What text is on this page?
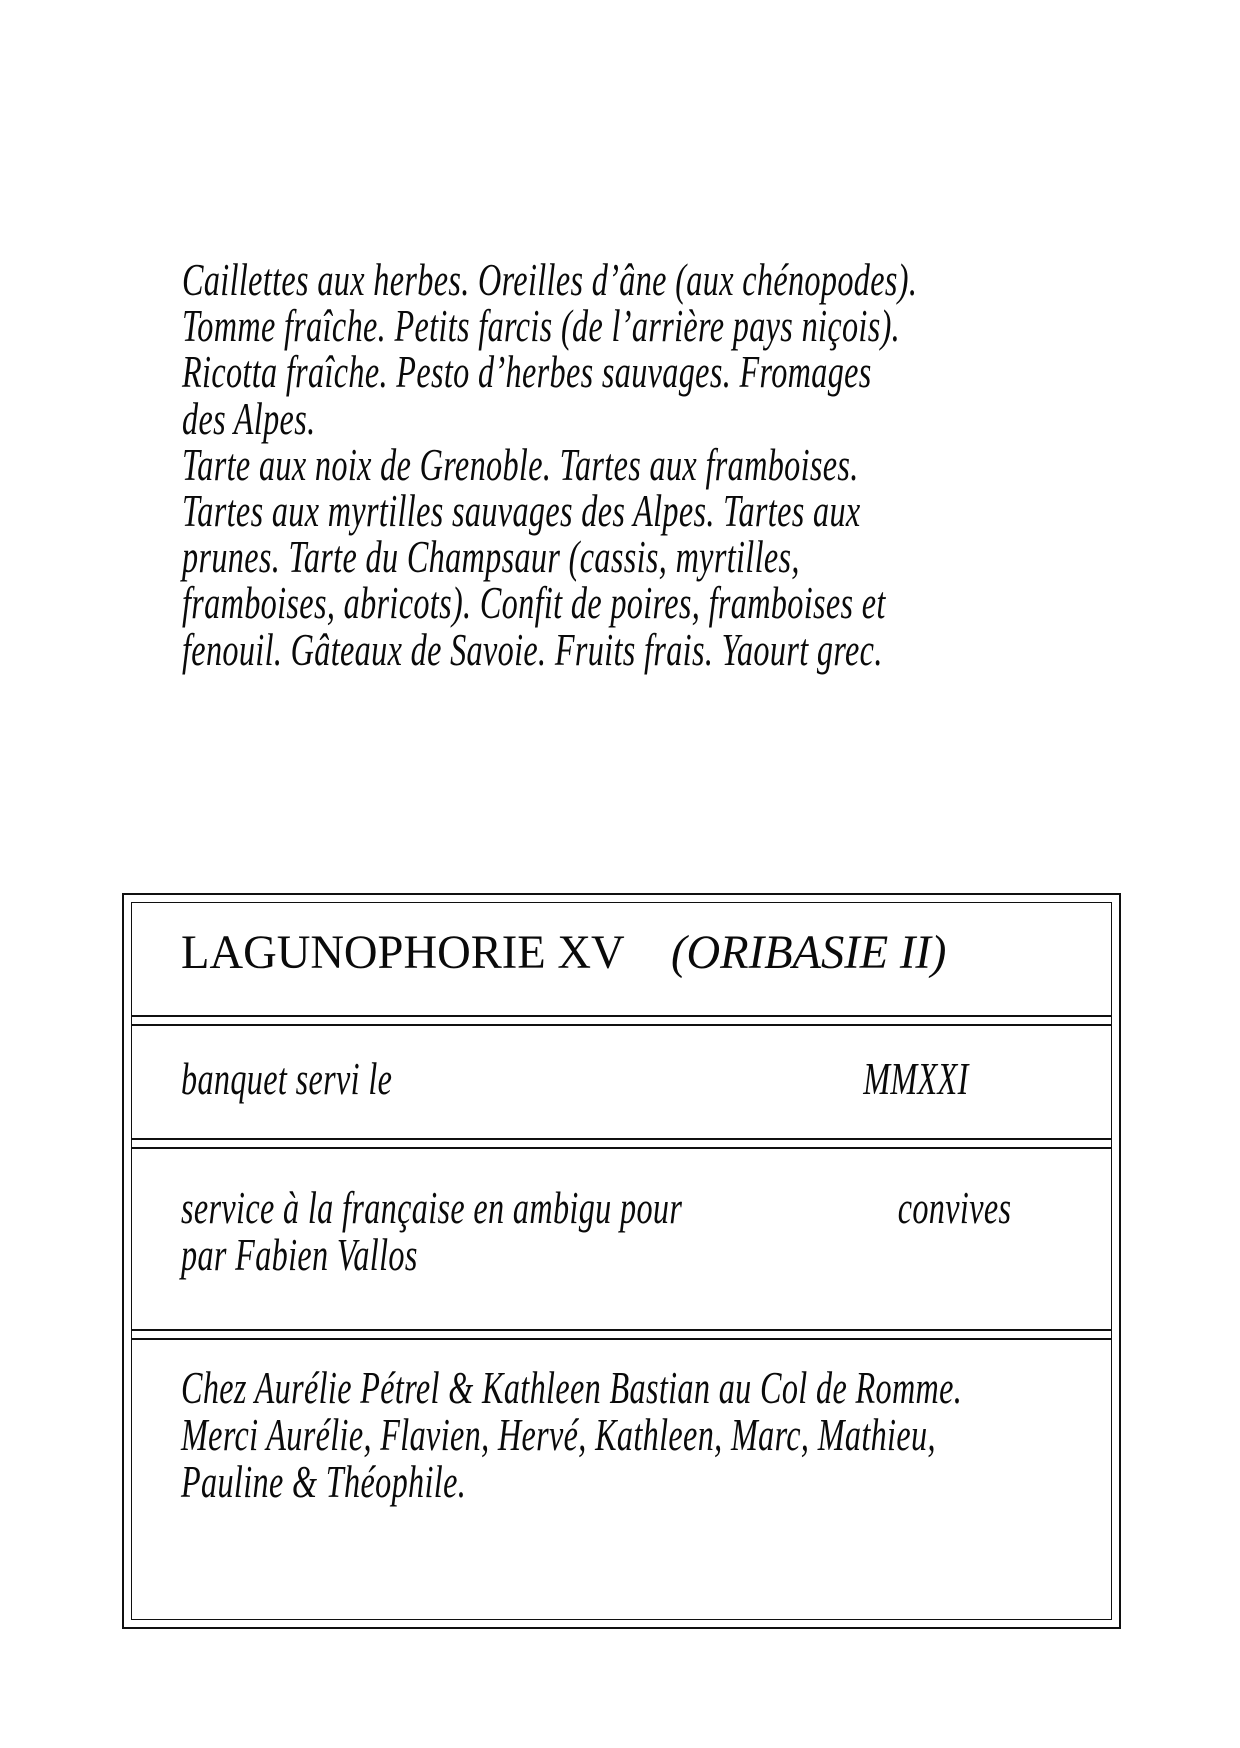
Caillettes aux herbes. Oreilles d’âne (aux chénopodes).
Tomme fraîche. Petits farcis (de l’arrière pays niçois).
Ricotta fraîche. Pesto d’herbes sauvages. Fromages
des Alpes.
Tarte aux noix de Grenoble. Tartes aux framboises.
Tartes aux myrtilles sauvages des Alpes. Tartes aux
prunes. Tarte du Champsaur (cassis, myrtilles,
framboises, abricots). Confit de poires, framboises et
fenouil. Gâteaux de Savoie. Fruits frais. Yaourt grec.
LAGUNOPHORIE XV (ORIBASIE II)
banquet servi le	MMXXI
service à la française en ambigu pour	convives
par Fabien Vallos
Chez Aurélie Pétrel & Kathleen Bastian au Col de Romme.
Merci Aurélie, Flavien, Hervé, Kathleen, Marc, Mathieu,
Pauline & Théophile.
